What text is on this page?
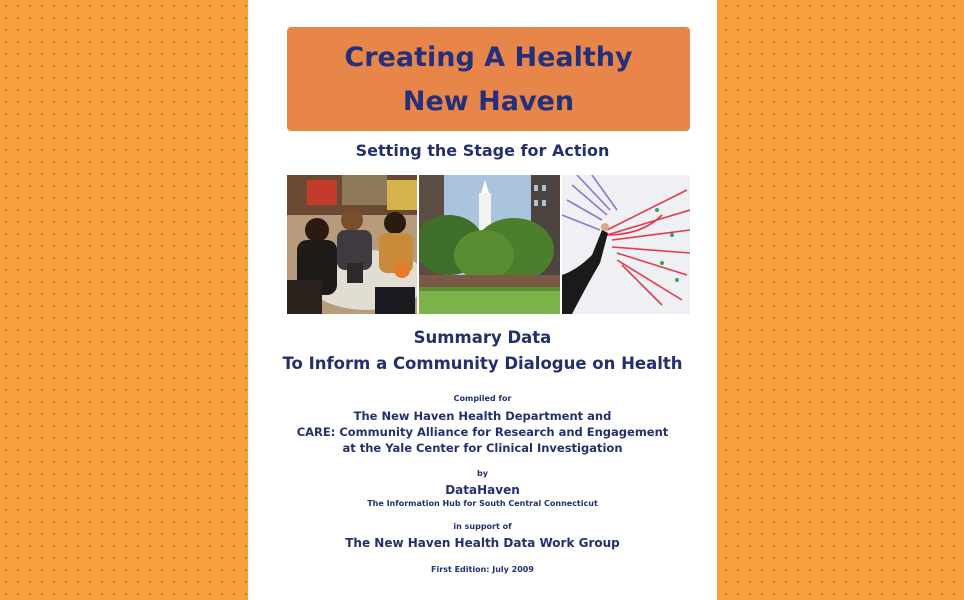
Creating A Healthy
New Haven
Setting the Stage for Action
Summary Data
To Inform a Community Dialogue on Health
Compiled for
The New Haven Health Department and
CARE: Community Alliance for Research and Engagement
at the Yale Center for Clinical Investigation
by
DataHaven
The Information Hub for South Central Connecticut
in support of
The New Haven Health Data Work Group
First Edition: July 2009
